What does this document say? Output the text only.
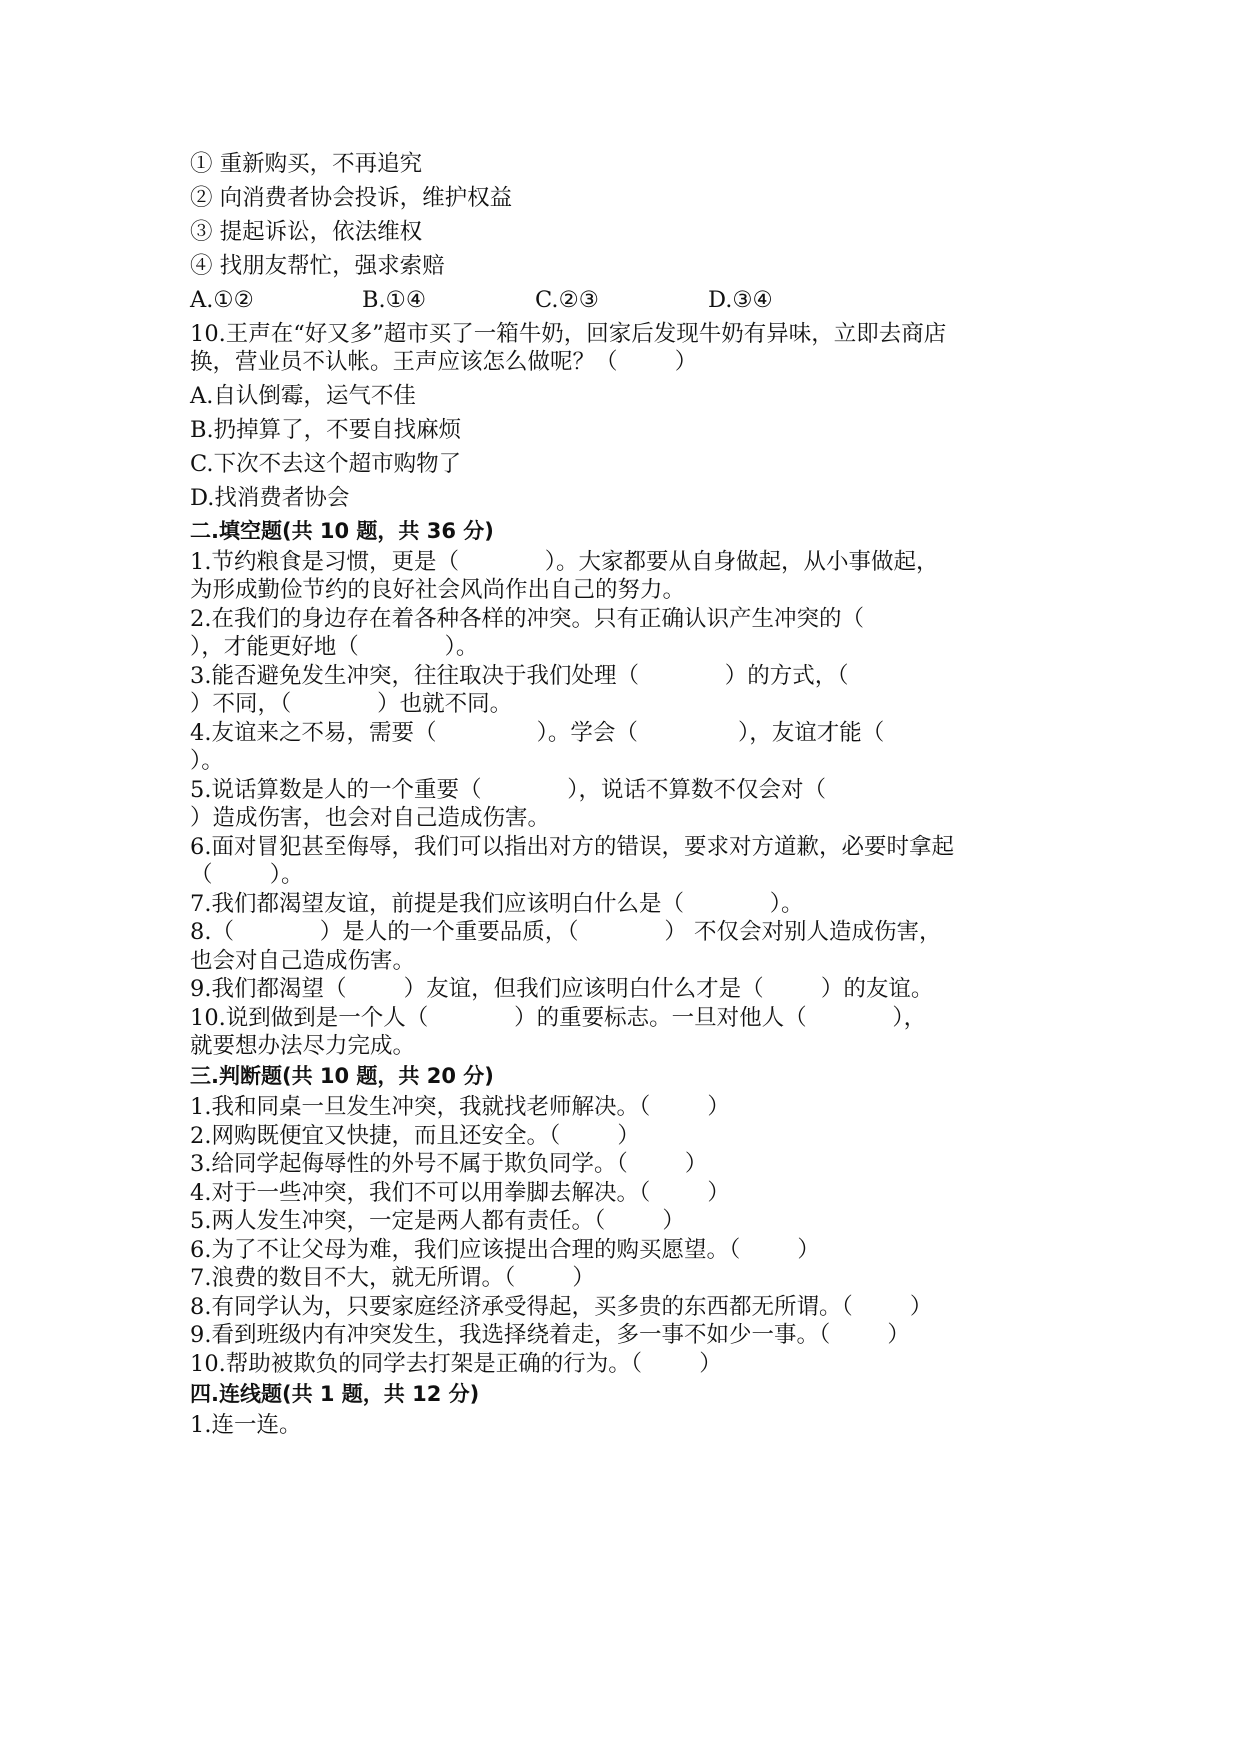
① 重新购买，不再追究
② 向消费者协会投诉，维护权益
③ 提起诉讼，依法维权
④ 找朋友帮忙，强求索赔

A.①②

	B.①④

	C.②③

	D.③④

10.王声在“好又多”超市买了一箱牛奶，回家后发现牛奶有异味，立即去商店
换，营业员不认帐。王声应该怎么做呢？（        ）
A.自认倒霉，运气不佳
B.扔掉算了，不要自找麻烦
C.下次不去这个超市购物了
D.找消费者协会
二.填空题(共 10 题，共 36 分)
1.节约粮食是习惯，更是（            ）。大家都要从自身做起，从小事做起，
为形成勤俭节约的良好社会风尚作出自己的努力。
2.在我们的身边存在着各种各样的冲突。只有正确认识产生冲突的（
），才能更好地（            ）。
3.能否避免发生冲突，往往取决于我们处理（            ）的方式，（
）不同，（            ）也就不同。
4.友谊来之不易，需要（              ）。学会（              ），友谊才能（
）。
5.说话算数是人的一个重要（            ），说话不算数不仅会对（
）造成伤害，也会对自己造成伤害。
6.面对冒犯甚至侮辱，我们可以指出对方的错误，要求对方道歉，必要时拿起
（        ）。
7.我们都渴望友谊，前提是我们应该明白什么是（            ）。
8.（            ）是人的一个重要品质，（            ） 不仅会对别人造成伤害，
也会对自己造成伤害。
9.我们都渴望（        ）友谊，但我们应该明白什么才是（        ）的友谊。
10.说到做到是一个人（            ）的重要标志。一旦对他人（            ），
就要想办法尽力完成。
三.判断题(共 10 题，共 20 分)
1.我和同桌一旦发生冲突，我就找老师解决。（        ）
2.网购既便宜又快捷，而且还安全。（        ）
3.给同学起侮辱性的外号不属于欺负同学。（        ）
4.对于一些冲突，我们不可以用拳脚去解决。（        ）
5.两人发生冲突，一定是两人都有责任。（        ）
6.为了不让父母为难，我们应该提出合理的购买愿望。（        ）
7.浪费的数目不大，就无所谓。（        ）
8.有同学认为，只要家庭经济承受得起，买多贵的东西都无所谓。（        ）
9.看到班级内有冲突发生，我选择绕着走，多一事不如少一事。（        ）
10.帮助被欺负的同学去打架是正确的行为。（        ）
四.连线题(共 1 题，共 12 分)
1.连一连。
